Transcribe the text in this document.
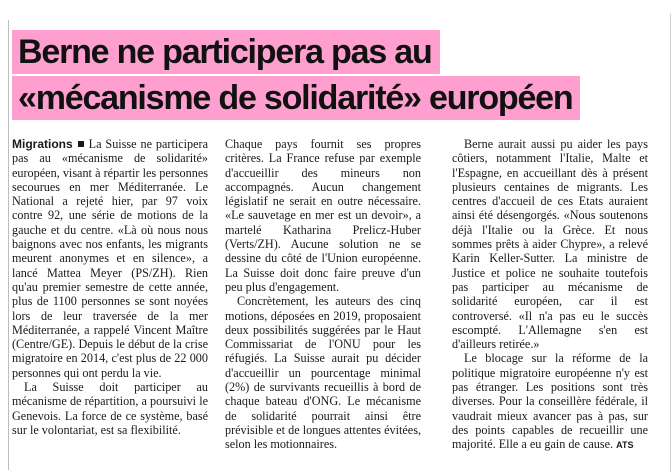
Berne ne participera pas au
«mécanisme de solidarité» européen

Migrations La Suisse ne participera pas au «mécanisme de solidarité» européen, visant à répartir les personnes secourues en mer Méditerranée. Le National a rejeté hier, par 97 voix contre 92, une série de motions de la gauche et du centre. «Là où nous nous baignons avec nos enfants, les migrants meurent anonymes et en silence», a lancé Mattea Meyer (PS/ZH). Rien qu'au premier semestre de cette année, plus de 1100 personnes se sont noyées lors de leur traversée de la mer Méditerranée, a rappelé Vincent Maître (Centre/GE). Depuis le début de la crise migratoire en 2014, c'est plus de 22 000 personnes qui ont perdu la vie.

La Suisse doit participer au mécanisme de répartition, a poursuivi le Genevois. La force de ce système, basé sur le volontariat, est sa flexibilité.

Chaque pays fournit ses propres critères. La France refuse par exemple d'accueillir des mineurs non accompagnés. Aucun changement législatif ne serait en outre nécessaire. «Le sauvetage en mer est un devoir», a martelé Katharina Prelicz-Huber (Verts/ZH). Aucune solution ne se dessine du côté de l'Union européenne. La Suisse doit donc faire preuve d'un peu plus d'engagement.

Concrètement, les auteurs des cinq motions, déposées en 2019, proposaient deux possibilités suggérées par le Haut Commissariat de l'ONU pour les réfugiés. La Suisse aurait pu décider d'accueillir un pourcentage minimal (2%) de survivants recueillis à bord de chaque bateau d'ONG. Le mécanisme de solidarité pourrait ainsi être prévisible et de longues attentes évitées, selon les motionnaires.

Berne aurait aussi pu aider les pays côtiers, notamment l'Italie, Malte et l'Espagne, en accueillant dès à présent plusieurs centaines de migrants. Les centres d'accueil de ces Etats auraient ainsi été désengorgés. «Nous soutenons déjà l'Italie ou la Grèce. Et nous sommes prêts à aider Chypre», a relevé Karin Keller-Sutter. La ministre de Justice et police ne souhaite toutefois pas participer au mécanisme de solidarité européen, car il est controversé. «Il n'a pas eu le succès escompté. L'Allemagne s'en est d'ailleurs retirée.»

Le blocage sur la réforme de la politique migratoire européenne n'y est pas étranger. Les positions sont très diverses. Pour la conseillère fédérale, il vaudrait mieux avancer pas à pas, sur des points capables de recueillir une majorité. Elle a eu gain de cause. ATS
